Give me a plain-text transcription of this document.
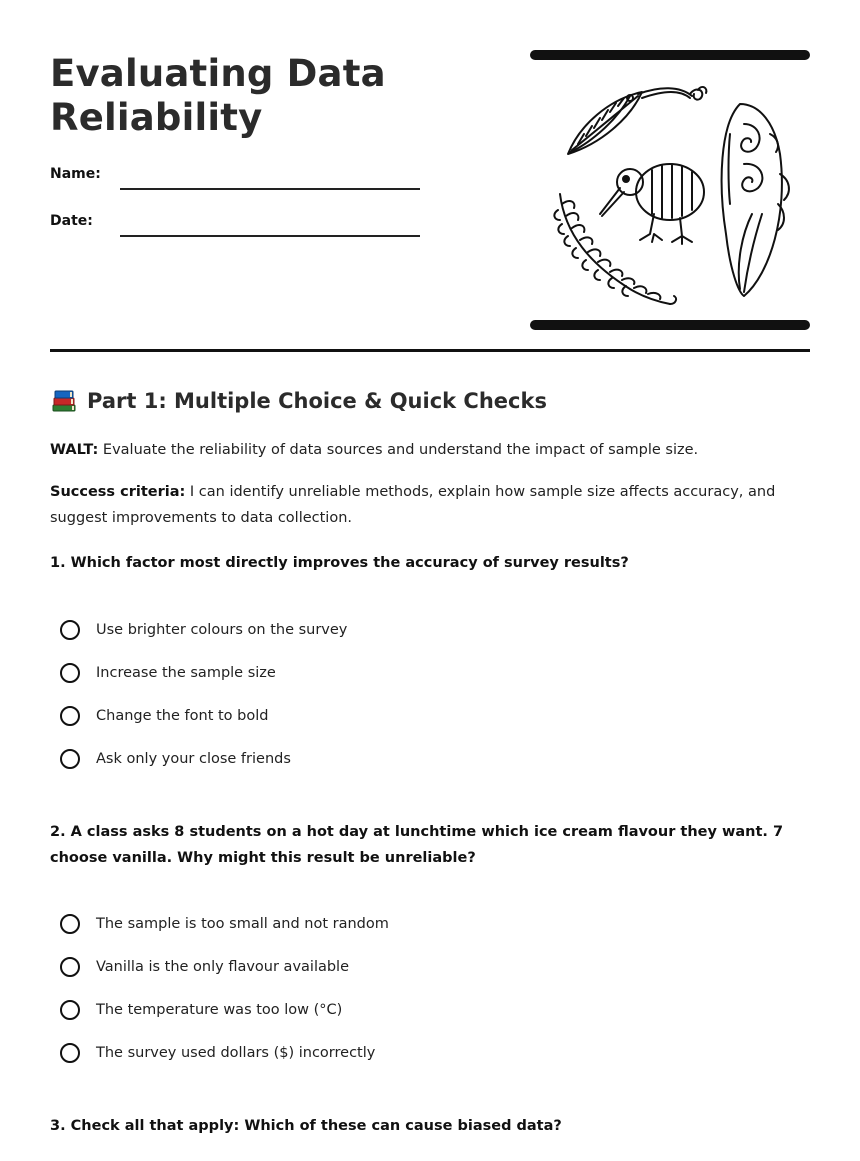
Evaluating Data Reliability
Name:
Date:
Part 1: Multiple Choice & Quick Checks

WALT: Evaluate the reliability of data sources and understand the impact of sample size.

Success criteria: I can identify unreliable methods, explain how sample size affects accuracy, and suggest improvements to data collection.

1. Which factor most directly improves the accuracy of survey results?

Use brighter colours on the survey
Increase the sample size
Change the font to bold
Ask only your close friends

2. A class asks 8 students on a hot day at lunchtime which ice cream flavour they want. 7 choose vanilla. Why might this result be unreliable?

The sample is too small and not random
Vanilla is the only flavour available
The temperature was too low (°C)
The survey used dollars ($) incorrectly

3. Check all that apply: Which of these can cause biased data?
